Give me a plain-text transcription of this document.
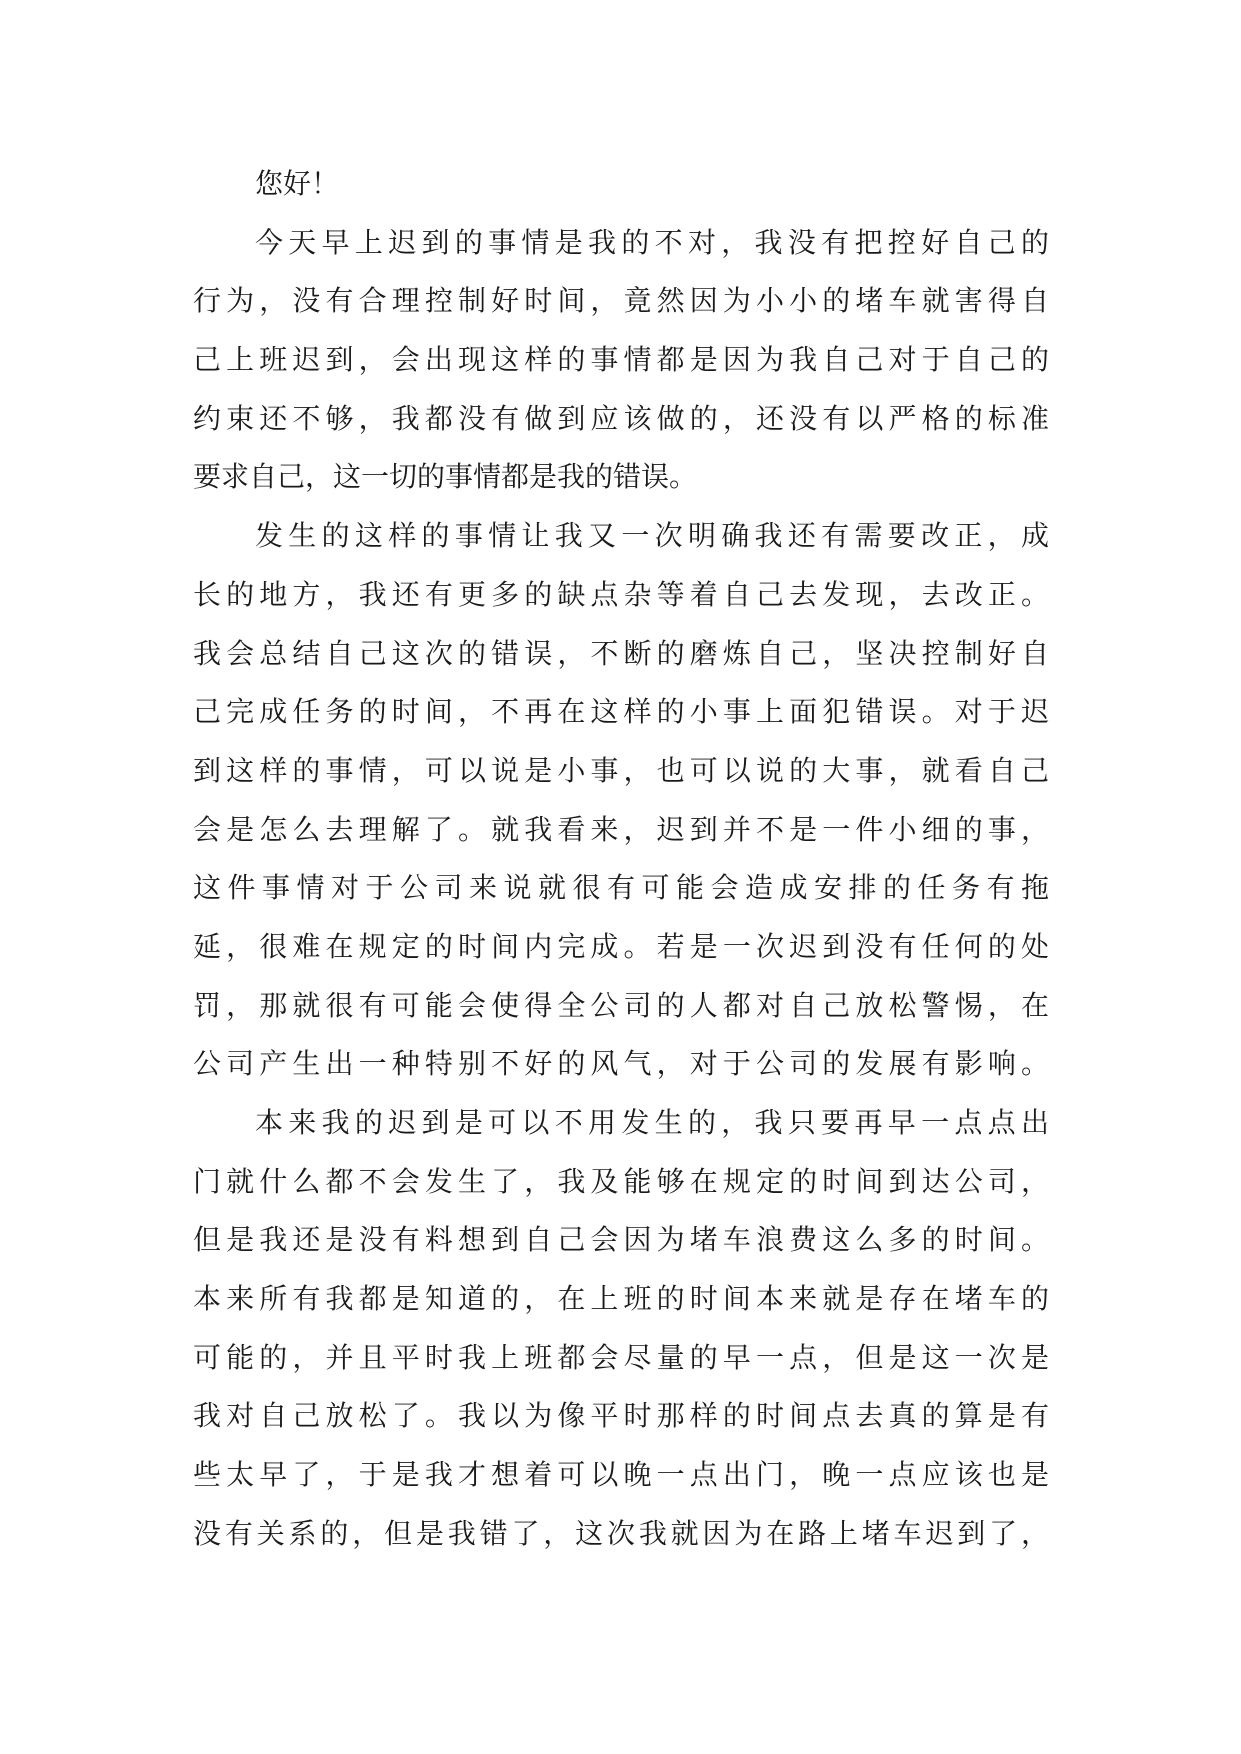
您好！
今天早上迟到的事情是我的不对，我没有把控好自己的
行为，没有合理控制好时间，竟然因为小小的堵车就害得自
己上班迟到，会出现这样的事情都是因为我自己对于自己的
约束还不够，我都没有做到应该做的，还没有以严格的标准
要求自己，这一切的事情都是我的错误。
发生的这样的事情让我又一次明确我还有需要改正，成
长的地方，我还有更多的缺点杂等着自己去发现，去改正。
我会总结自己这次的错误，不断的磨炼自己，坚决控制好自
己完成任务的时间，不再在这样的小事上面犯错误。对于迟
到这样的事情，可以说是小事，也可以说的大事，就看自己
会是怎么去理解了。就我看来，迟到并不是一件小细的事，
这件事情对于公司来说就很有可能会造成安排的任务有拖
延，很难在规定的时间内完成。若是一次迟到没有任何的处
罚，那就很有可能会使得全公司的人都对自己放松警惕，在
公司产生出一种特别不好的风气，对于公司的发展有影响。
本来我的迟到是可以不用发生的，我只要再早一点点出
门就什么都不会发生了，我及能够在规定的时间到达公司，
但是我还是没有料想到自己会因为堵车浪费这么多的时间。
本来所有我都是知道的，在上班的时间本来就是存在堵车的
可能的，并且平时我上班都会尽量的早一点，但是这一次是
我对自己放松了。我以为像平时那样的时间点去真的算是有
些太早了，于是我才想着可以晚一点出门，晚一点应该也是
没有关系的，但是我错了，这次我就因为在路上堵车迟到了，
